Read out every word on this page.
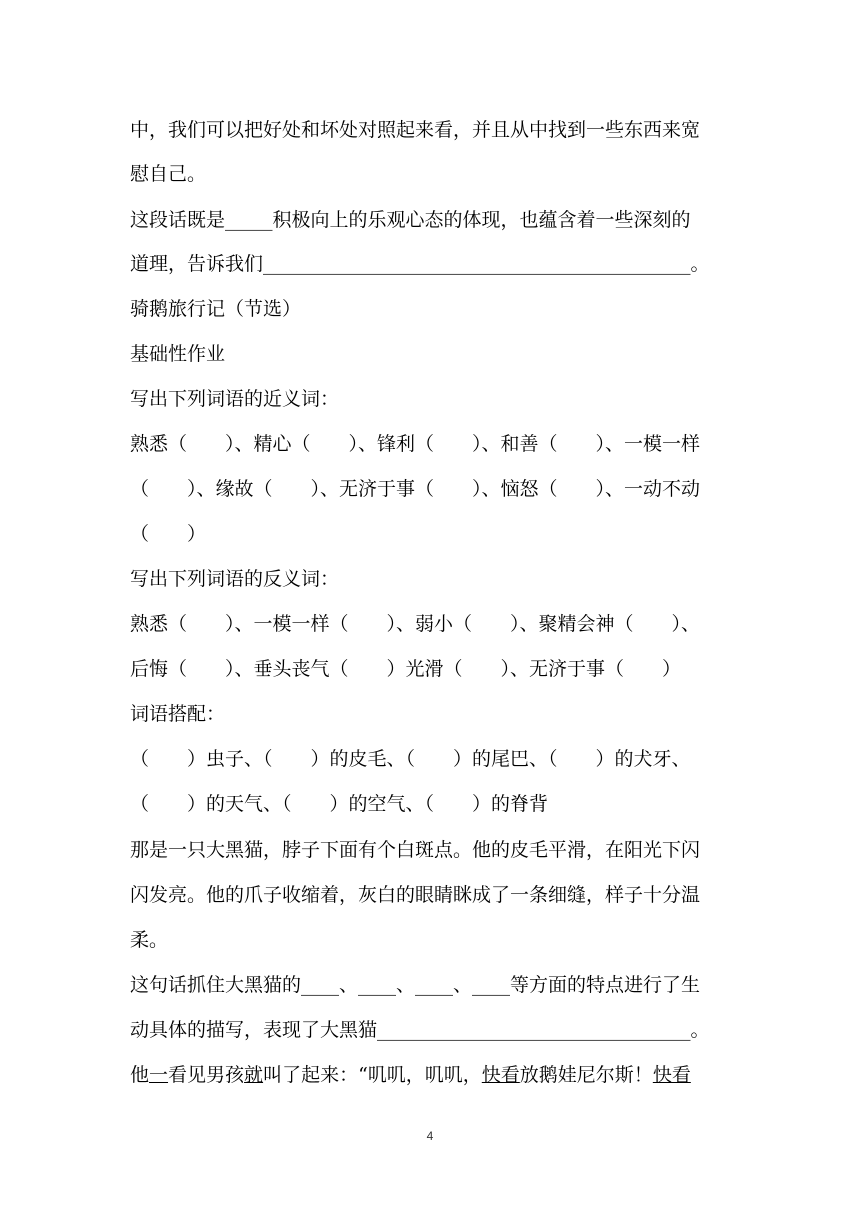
中，我们可以把好处和坏处对照起来看，并且从中找到一些东西来宽
慰自己。
这段话既是_____积极向上的乐观心态的体现，也蕴含着一些深刻的
道理，告诉我们_____________________________________________。
骑鹅旅行记（节选）
基础性作业
写出下列词语的近义词：
熟悉（　　）、精心（　　）、锋利（　　）、和善（　　）、一模一样
（　　）、缘故（　　）、无济于事（　　）、恼怒（　　）、一动不动
（　　）
写出下列词语的反义词：
熟悉（　　）、一模一样（　　）、弱小（　　）、聚精会神（　　）、
后悔（　　）、垂头丧气（　　）光滑（　　）、无济于事（　　）
词语搭配：
（　　）虫子、（　　）的皮毛、（　　）的尾巴、（　　）的犬牙、
（　　）的天气、（　　）的空气、（　　）的脊背
那是一只大黑猫，脖子下面有个白斑点。他的皮毛平滑，在阳光下闪
闪发亮。他的爪子收缩着，灰白的眼睛眯成了一条细缝，样子十分温
柔。
这句话抓住大黑猫的____、____、____、____等方面的特点进行了生
动具体的描写，表现了大黑猫_________________________________。
他一看见男孩就叫了起来：“叽叽，叽叽，快看放鹅娃尼尔斯！快看
4
